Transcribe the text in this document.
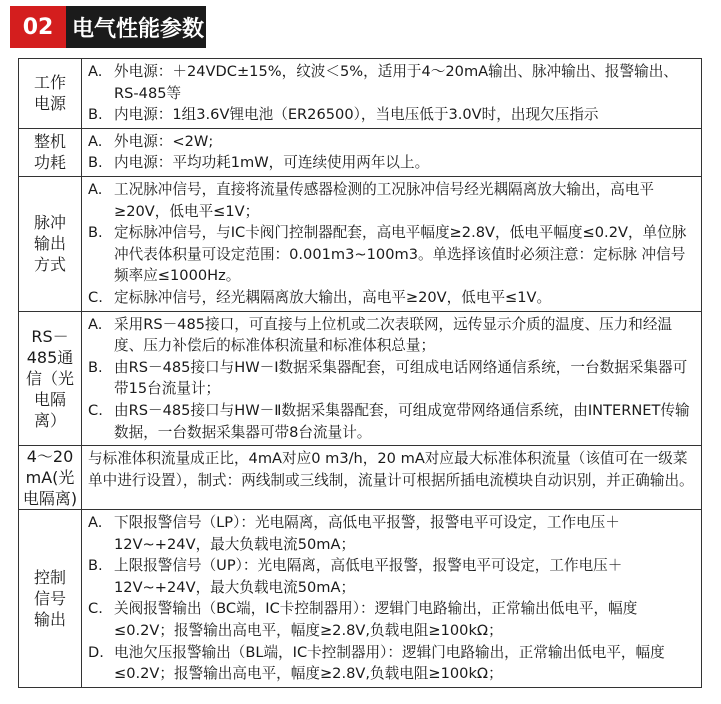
02 电气性能参数
工作电源	A. 外电源：＋24VDC±15%，纹波＜5%，适用于4～20mA输出、脉冲输出、报警输出、RS-485等
B. 内电源：1组3.6V锂电池（ER26500），当电压低于3.0V时，出现欠压指示

整机功耗	A. 外电源：<2W;
B. 内电源：平均功耗1mW，可连续使用两年以上。

脉冲输出方式	A. 工况脉冲信号，直接将流量传感器检测的工况脉冲信号经光耦隔离放大输出，高电平≥20V，低电平≤1V；
B. 定标脉冲信号，与IC卡阀门控制器配套，高电平幅度≥2.8V，低电平幅度≤0.2V，单位脉冲代表体积量可设定范围：0.001m3~100m3。单选择该值时必须注意：定标脉 冲信号频率应≤1000Hz。
C. 定标脉冲信号，经光耦隔离放大输出，高电平≥20V，低电平≤1V。

RS－485通信（光电隔离）	A. 采用RS－485接口，可直接与上位机或二次表联网，远传显示介质的温度、压力和经温度、压力补偿后的标准体积流量和标准体积总量；
B. 由RS－485接口与HW－Ⅰ数据采集器配套，可组成电话网络通信系统，一台数据采集器可带15台流量计；
C. 由RS－485接口与HW－Ⅱ数据采集器配套，可组成宽带网络通信系统，由INTERNET传输数据，一台数据采集器可带8台流量计。

4～20mA(光电隔离)	与标准体积流量成正比，4mA对应0 m3/h，20 mA对应最大标准体积流量（该值可在一级菜单中进行设置），制式：两线制或三线制，流量计可根据所插电流模块自动识别，并正确输出。

控制信号输出	A. 下限报警信号（LP）：光电隔离，高低电平报警，报警电平可设定，工作电压＋12V~+24V，最大负载电流50mA；
B. 上限报警信号（UP）：光电隔离，高低电平报警，报警电平可设定，工作电压＋12V~+24V，最大负载电流50mA；
C. 关阀报警输出（BC端，IC卡控制器用）：逻辑门电路输出，正常输出低电平，幅度≤0.2V；报警输出高电平，幅度≥2.8V,负载电阻≥100kΩ；
D. 电池欠压报警输出（BL端，IC卡控制器用）：逻辑门电路输出，正常输出低电平，幅度≤0.2V；报警输出高电平，幅度≥2.8V,负载电阻≥100kΩ；
